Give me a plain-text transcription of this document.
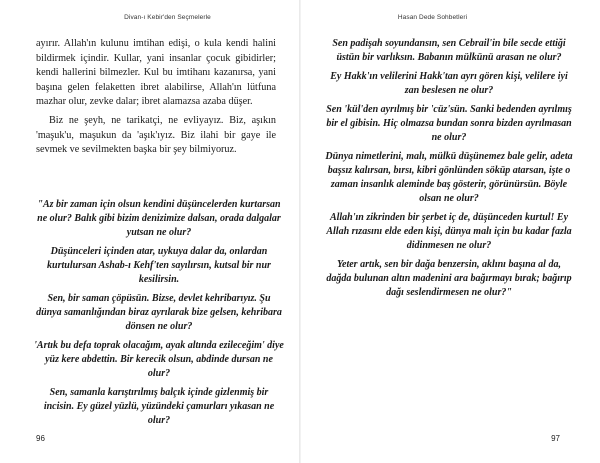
Divan-ı Kebir'den Seçmelerle

ayırır. Allah'ın kulunu imtihan edişi, o kula kendi halini bildirmek içindir. Kullar, yani insanlar çocuk gibidirler; kendi hallerini bilmezler. Kul bu imtihanı kazanırsa, yani başına gelen felaketten ibret alabilirse, Allah'ın lütfuna mazhar olur, zevke dalar; ibret alamazsa azaba düşer.

Biz ne şeyh, ne tarikatçi, ne evliyayız. Biz, aşıkın 'maşuk'u, maşukun da 'aşık'ıyız. Biz ilahi bir gaye ile sevmek ve sevilmekten başka bir şey bilmiyoruz.

"Az bir zaman için olsun kendini düşüncelerden kurtarsan ne olur? Balık gibi bizim denizimize dalsan, orada dalgalar yutsan ne olur?

Düşünceleri içinden atar, uykuya dalar da, onlardan kurtulursan Ashab-ı Kehf'ten sayılırsın, kutsal bir nur kesilirsin.

Sen, bir saman çöpüsün. Bizse, devlet kehribarıyız. Şu dünya samanlığından biraz ayrılarak bize gelsen, kehribara dönsen ne olur?

'Artık bu defa toprak olacağım, ayak altında ezileceğim' diye yüz kere abdettin. Bir kerecik olsun, abdinde dursan ne olur?

Sen, samanla karıştırılmış balçık içinde gizlenmiş bir incisin. Ey güzel yüzlü, yüzündeki çamurları yıkasan ne olur?

96
Hasan Dede Sohbetleri

Sen padişah soyundansın, sen Cebrail'in bile secde ettiği üstün bir varlıksın. Babanın mülkünü arasan ne olur?

Ey Hakk'ın velilerini Hakk'tan ayrı gören kişi, velilere iyi zan beslesen ne olur?

Sen 'kül'den ayrılmış bir 'cüz'sün. Sanki bedenden ayrılmış bir el gibisin. Hiç olmazsa bundan sonra bizden ayrılmasan ne olur?

Dünya nimetlerini, malı, mülkü düşünemez bale gelir, adeta başsız kalırsan, bırsı, kibri gönlünden söküp atarsan, işte o zaman insanlık aleminde baş gösterir, görünürsün. Böyle olsan ne olur?

Allah'ın zikrinden bir şerbet iç de, düşünceden kurtul! Ey Allah rızasını elde eden kişi, dünya malı için bu kadar fazla didinmesen ne olur?

Yeter artık, sen bir dağa benzersin, aklını başına al da, dağda bulunan altın madenini ara bağırmayı bırak; bağırıp dağı seslendirmesen ne olur?"

97
